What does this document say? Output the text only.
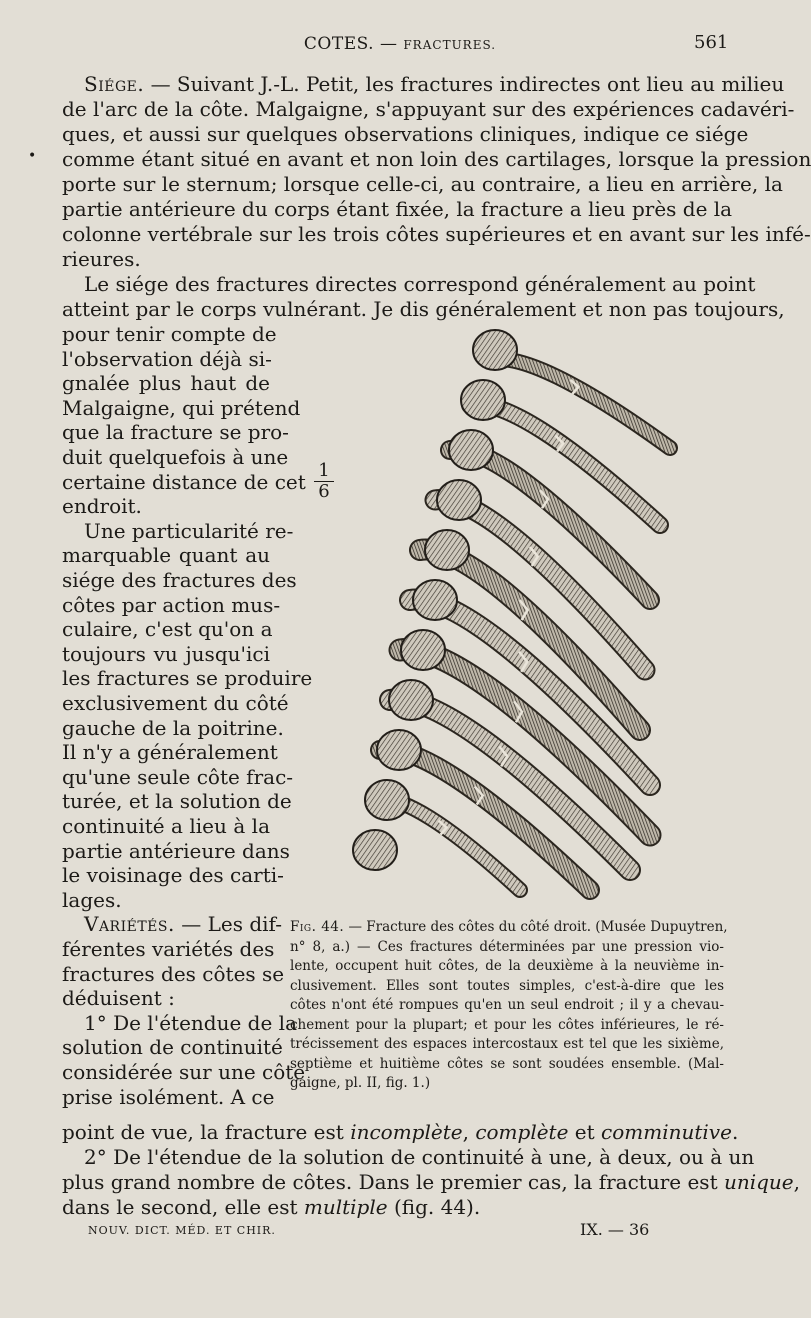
COTES. — FRACTURES.	561
•
Siége. — Suivant J.-L. Petit, les fractures indirectes ont lieu au milieu
de l'arc de la côte. Malgaigne, s'appuyant sur des expériences cadavéri-
ques, et aussi sur quelques observations cliniques, indique ce siége
comme étant situé en avant et non loin des cartilages, lorsque la pression
porte sur le sternum; lorsque celle-ci, au contraire, a lieu en arrière, la
partie antérieure du corps étant fixée, la fracture a lieu près de la
colonne vertébrale sur les trois côtes supérieures et en avant sur les infé-
rieures.
Le siége des fractures directes correspond généralement au point
atteint par le corps vulnérant. Je dis généralement et non pas toujours,
pour tenir compte de
l'observation déjà si-
gnalée plus haut de
Malgaigne, qui prétend
que la fracture se pro-
duit quelquefois à une
certaine distance de cet
endroit.
Une particularité re-
marquable quant au
siége des fractures des
côtes par action mus-
culaire, c'est qu'on a
toujours vu jusqu'ici
les fractures se produire
exclusivement du côté
gauche de la poitrine.
Il n'y a généralement
qu'une seule côte frac-
turée, et la solution de
continuité a lieu à la
partie antérieure dans
le voisinage des carti-
lages.
Variétés. — Les dif-
férentes variétés des
fractures des côtes se
déduisent :
1° De l'étendue de la
solution de continuité
considérée sur une côte
prise isolément. A ce
point de vue, la fracture est incomplète, complète et comminutive.
2° De l'étendue de la solution de continuité à une, à deux, ou à un
plus grand nombre de côtes. Dans le premier cas, la fracture est unique,
dans le second, elle est multiple (fig. 44).
1
6
Fig. 44. — Fracture des côtes du côté droit. (Musée Dupuytren,
n° 8, a.) — Ces fractures déterminées par une pression vio-
lente, occupent huit côtes, de la deuxième à la neuvième in-
clusivement. Elles sont toutes simples, c'est-à-dire que les
côtes n'ont été rompues qu'en un seul endroit ; il y a chevau-
chement pour la plupart; et pour les côtes inférieures, le ré-
trécissement des espaces intercostaux est tel que les sixième,
septième et huitième côtes se sont soudées ensemble. (Mal-
gaigne, pl. II, fig. 1.)
NOUV. DICT. MÉD. ET CHIR.	IX. — 36
